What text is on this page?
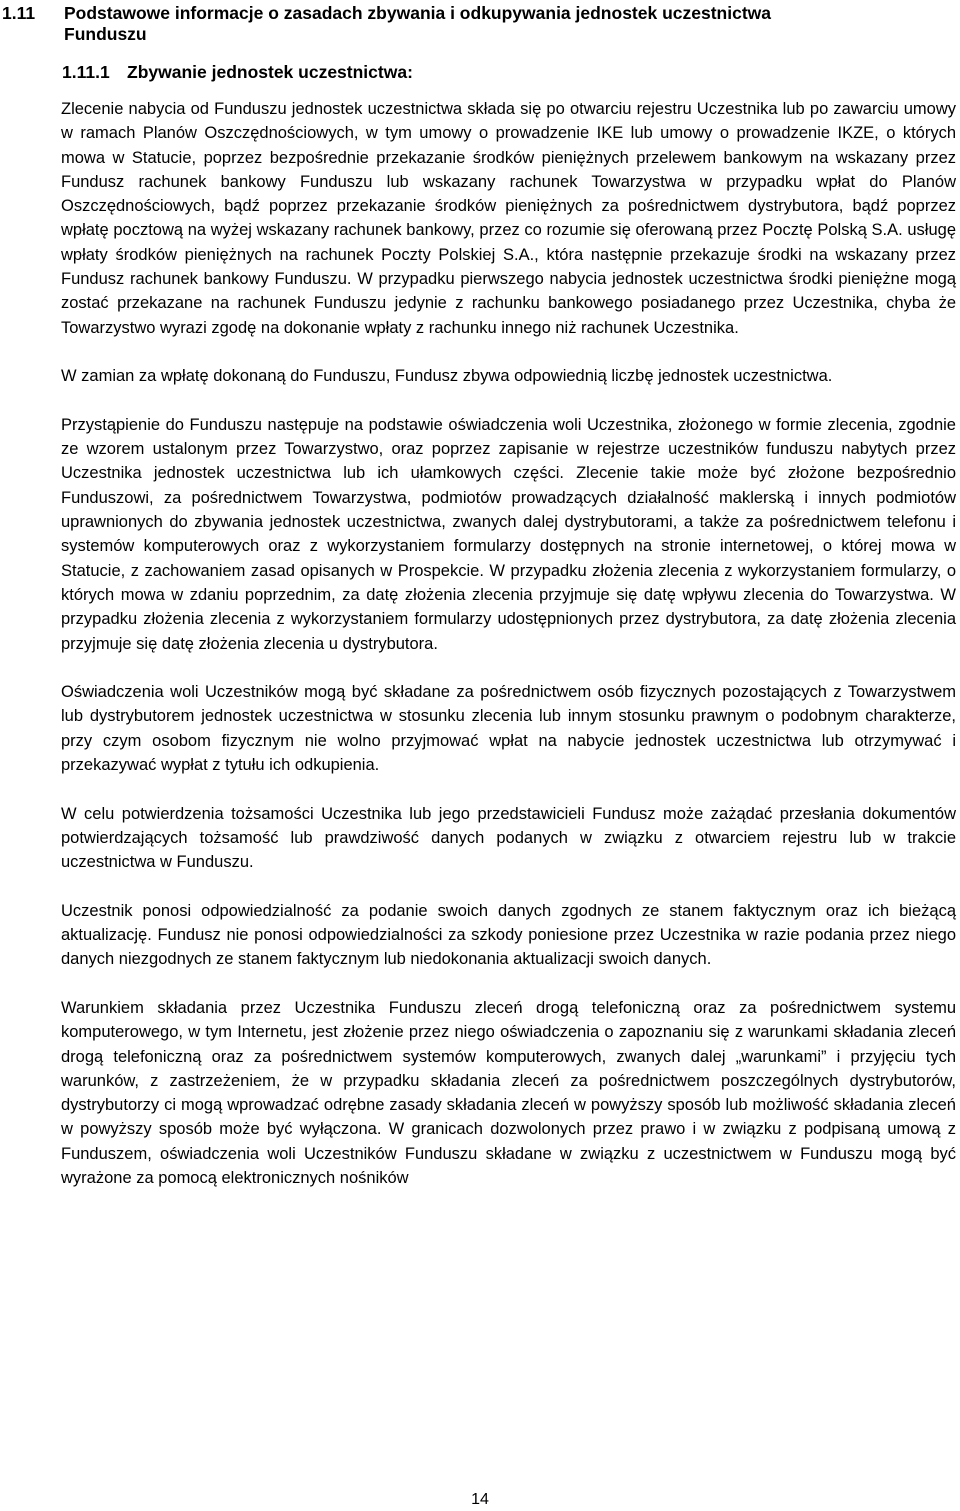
1.11 Podstawowe informacje o zasadach zbywania i odkupywania jednostek uczestnictwa
Funduszu
1.11.1 Zbywanie jednostek uczestnictwa:

Zlecenie nabycia od Funduszu jednostek uczestnictwa składa się po otwarciu rejestru Uczestnika lub po zawarciu umowy w ramach Planów Oszczędnościowych, w tym umowy o prowadzenie IKE lub umowy o prowadzenie IKZE, o których mowa w Statucie, poprzez bezpośrednie przekazanie środków pieniężnych przelewem bankowym na wskazany przez Fundusz rachunek bankowy Funduszu lub wskazany rachunek Towarzystwa w przypadku wpłat do Planów Oszczędnościowych, bądź poprzez przekazanie środków pieniężnych za pośrednictwem dystrybutora, bądź poprzez wpłatę pocztową na wyżej wskazany rachunek bankowy, przez co rozumie się oferowaną przez Pocztę Polską S.A. usługę wpłaty środków pieniężnych na rachunek Poczty Polskiej S.A., która następnie przekazuje środki na wskazany przez Fundusz rachunek bankowy Funduszu. W przypadku pierwszego nabycia jednostek uczestnictwa środki pieniężne mogą zostać przekazane na rachunek Funduszu jedynie z rachunku bankowego posiadanego przez Uczestnika, chyba że Towarzystwo wyrazi zgodę na dokonanie wpłaty z rachunku innego niż rachunek Uczestnika.

W zamian za wpłatę dokonaną do Funduszu, Fundusz zbywa odpowiednią liczbę jednostek uczestnictwa.

Przystąpienie do Funduszu następuje na podstawie oświadczenia woli Uczestnika, złożonego w formie zlecenia, zgodnie ze wzorem ustalonym przez Towarzystwo, oraz poprzez zapisanie w rejestrze uczestników funduszu nabytych przez Uczestnika jednostek uczestnictwa lub ich ułamkowych części. Zlecenie takie może być złożone bezpośrednio Funduszowi, za pośrednictwem Towarzystwa, podmiotów prowadzących działalność maklerską i innych podmiotów uprawnionych do zbywania jednostek uczestnictwa, zwanych dalej dystrybutorami, a także za pośrednictwem telefonu i systemów komputerowych oraz z wykorzystaniem formularzy dostępnych na stronie internetowej, o której mowa w Statucie, z zachowaniem zasad opisanych w Prospekcie. W przypadku złożenia zlecenia z wykorzystaniem formularzy, o których mowa w zdaniu poprzednim, za datę złożenia zlecenia przyjmuje się datę wpływu zlecenia do Towarzystwa. W przypadku złożenia zlecenia z wykorzystaniem formularzy udostępnionych przez dystrybutora, za datę złożenia zlecenia przyjmuje się datę złożenia zlecenia u dystrybutora.

Oświadczenia woli Uczestników mogą być składane za pośrednictwem osób fizycznych pozostających z Towarzystwem lub dystrybutorem jednostek uczestnictwa w stosunku zlecenia lub innym stosunku prawnym o podobnym charakterze, przy czym osobom fizycznym nie wolno przyjmować wpłat na nabycie jednostek uczestnictwa lub otrzymywać i przekazywać wypłat z tytułu ich odkupienia.

W celu potwierdzenia tożsamości Uczestnika lub jego przedstawicieli Fundusz może zażądać przesłania dokumentów potwierdzających tożsamość lub prawdziwość danych podanych w związku z otwarciem rejestru lub w trakcie uczestnictwa w Funduszu.

Uczestnik ponosi odpowiedzialność za podanie swoich danych zgodnych ze stanem faktycznym oraz ich bieżącą aktualizację. Fundusz nie ponosi odpowiedzialności za szkody poniesione przez Uczestnika w razie podania przez niego danych niezgodnych ze stanem faktycznym lub niedokonania aktualizacji swoich danych.

Warunkiem składania przez Uczestnika Funduszu zleceń drogą telefoniczną oraz za pośrednictwem systemu komputerowego, w tym Internetu, jest złożenie przez niego oświadczenia o zapoznaniu się z warunkami składania zleceń drogą telefoniczną oraz za pośrednictwem systemów komputerowych, zwanych dalej „warunkami” i przyjęciu tych warunków, z zastrzeżeniem, że w przypadku składania zleceń za pośrednictwem poszczególnych dystrybutorów, dystrybutorzy ci mogą wprowadzać odrębne zasady składania zleceń w powyższy sposób lub możliwość składania zleceń w powyższy sposób może być wyłączona. W granicach dozwolonych przez prawo i w związku z podpisaną umową z Funduszem, oświadczenia woli Uczestników Funduszu składane w związku z uczestnictwem w Funduszu mogą być wyrażone za pomocą elektronicznych nośników

14
